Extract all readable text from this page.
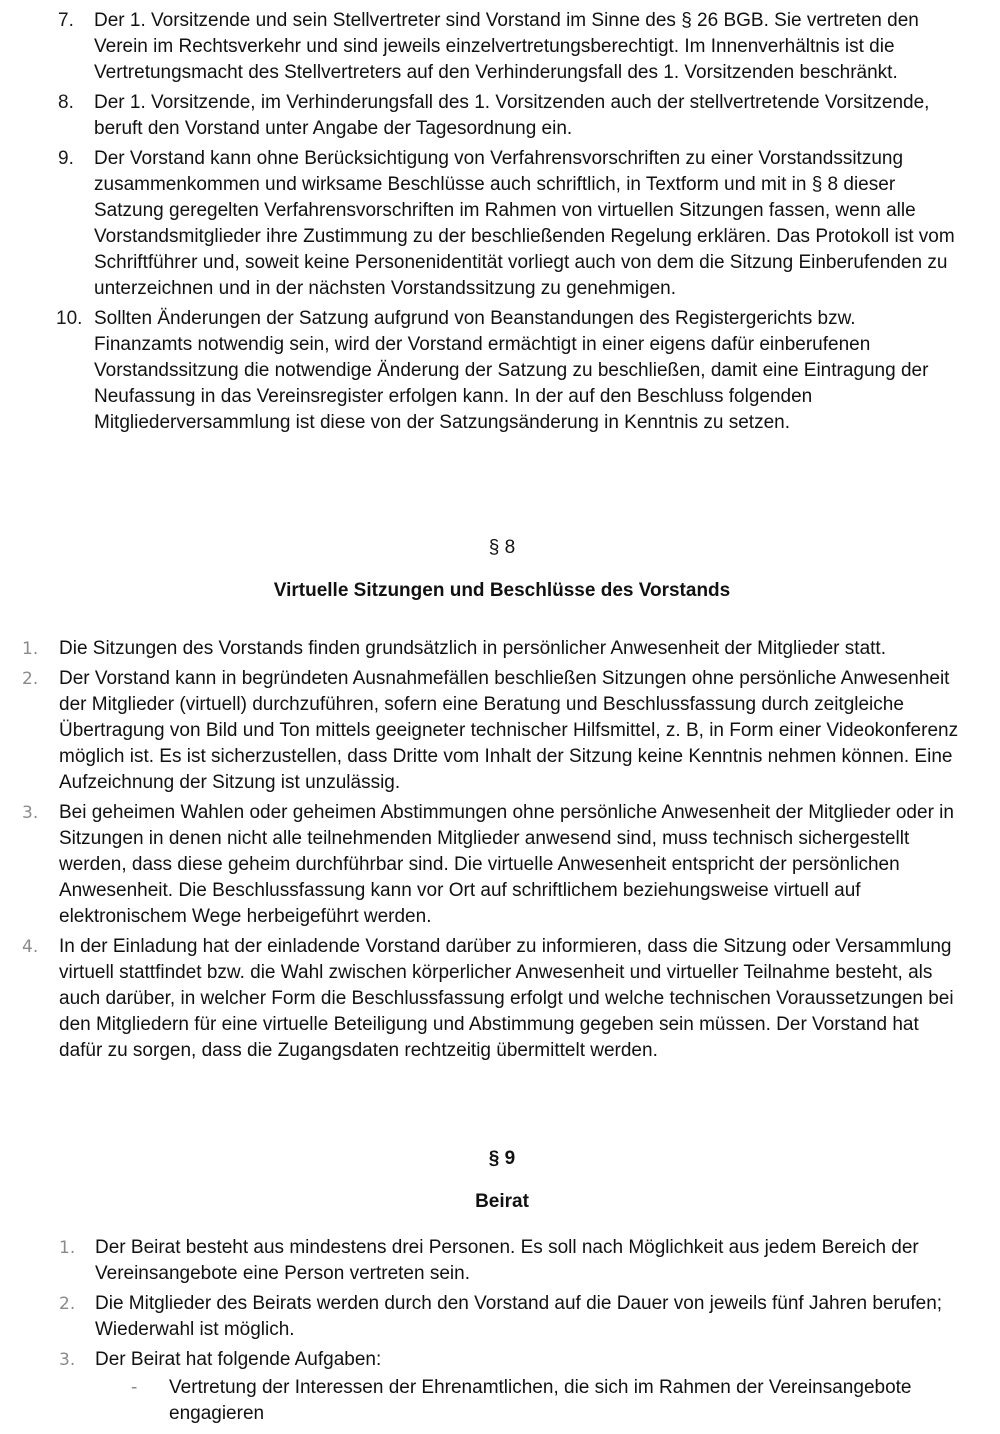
7. Der 1. Vorsitzende und sein Stellvertreter sind Vorstand im Sinne des § 26 BGB. Sie vertreten den Verein im Rechtsverkehr und sind jeweils einzelvertretungsberechtigt. Im Innenverhältnis ist die Vertretungsmacht des Stellvertreters auf den Verhinderungsfall des 1. Vorsitzenden beschränkt.
8. Der 1. Vorsitzende, im Verhinderungsfall des 1. Vorsitzenden auch der stellvertretende Vorsitzende, beruft den Vorstand unter Angabe der Tagesordnung ein.
9. Der Vorstand kann ohne Berücksichtigung von Verfahrensvorschriften zu einer Vorstandssitzung zusammenkommen und wirksame Beschlüsse auch schriftlich, in Textform und mit in § 8 dieser Satzung geregelten Verfahrensvorschriften im Rahmen von virtuellen Sitzungen fassen, wenn alle Vorstandsmitglieder ihre Zustimmung zu der beschließenden Regelung erklären. Das Protokoll ist vom Schriftführer und, soweit keine Personenidentität vorliegt auch von dem die Sitzung Einberufenden zu unterzeichnen und in der nächsten Vorstandssitzung zu genehmigen.
10. Sollten Änderungen der Satzung aufgrund von Beanstandungen des Registergerichts bzw. Finanzamts notwendig sein, wird der Vorstand ermächtigt in einer eigens dafür einberufenen Vorstandssitzung die notwendige Änderung der Satzung zu beschließen, damit eine Eintragung der Neufassung in das Vereinsregister erfolgen kann. In der auf den Beschluss folgenden Mitgliederversammlung ist diese von der Satzungsänderung in Kenntnis zu setzen.
§ 8
Virtuelle Sitzungen und Beschlüsse des Vorstands
1. Die Sitzungen des Vorstands finden grundsätzlich in persönlicher Anwesenheit der Mitglieder statt.
2. Der Vorstand kann in begründeten Ausnahmefällen beschließen Sitzungen ohne persönliche Anwesenheit der Mitglieder (virtuell) durchzuführen, sofern eine Beratung und Beschlussfassung durch zeitgleiche Übertragung von Bild und Ton mittels geeigneter technischer Hilfsmittel, z. B, in Form einer Videokonferenz möglich ist. Es ist sicherzustellen, dass Dritte vom Inhalt der Sitzung keine Kenntnis nehmen können. Eine Aufzeichnung der Sitzung ist unzulässig.
3. Bei geheimen Wahlen oder geheimen Abstimmungen ohne persönliche Anwesenheit der Mitglieder oder in Sitzungen in denen nicht alle teilnehmenden Mitglieder anwesend sind, muss technisch sichergestellt werden, dass diese geheim durchführbar sind. Die virtuelle Anwesenheit entspricht der persönlichen Anwesenheit. Die Beschlussfassung kann vor Ort auf schriftlichem beziehungsweise virtuell auf elektronischem Wege herbeigeführt werden.
4. In der Einladung hat der einladende Vorstand darüber zu informieren, dass die Sitzung oder Versammlung virtuell stattfindet bzw. die Wahl zwischen körperlicher Anwesenheit und virtueller Teilnahme besteht, als auch darüber, in welcher Form die Beschlussfassung erfolgt und welche technischen Voraussetzungen bei den Mitgliedern für eine virtuelle Beteiligung und Abstimmung gegeben sein müssen. Der Vorstand hat dafür zu sorgen, dass die Zugangsdaten rechtzeitig übermittelt werden.
§ 9
Beirat
1. Der Beirat besteht aus mindestens drei Personen. Es soll nach Möglichkeit aus jedem Bereich der Vereinsangebote eine Person vertreten sein.
2. Die Mitglieder des Beirats werden durch den Vorstand auf die Dauer von jeweils fünf Jahren berufen; Wiederwahl ist möglich.
3. Der Beirat hat folgende Aufgaben:
- Vertretung der Interessen der Ehrenamtlichen, die sich im Rahmen der Vereinsangebote engagieren
